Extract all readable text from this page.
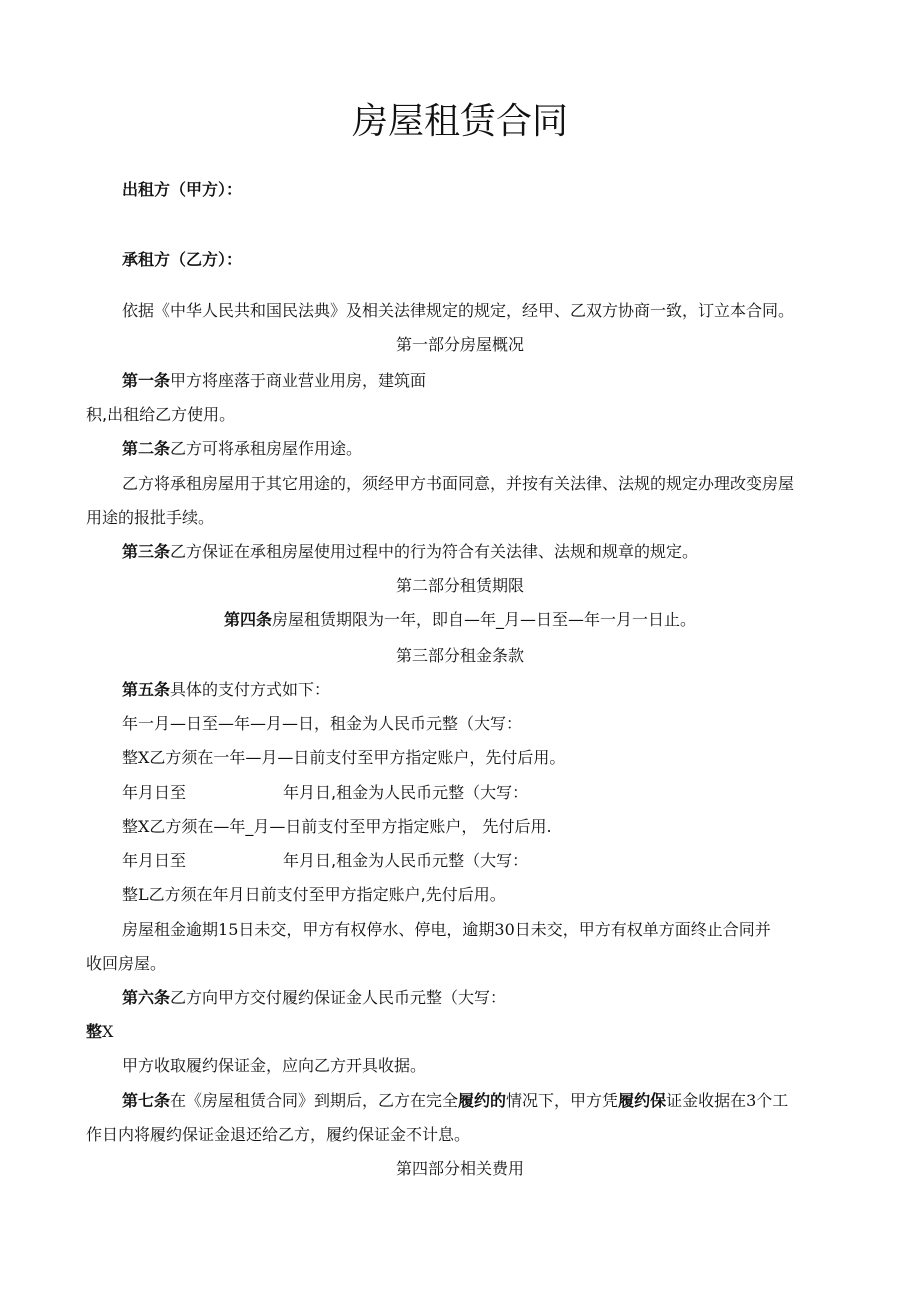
房屋租赁合同
出租方（甲方）：
承租方（乙方）：
依据《中华人民共和国民法典》及相关法律规定的规定，经甲、乙双方协商一致，订立本合同。
第一部分房屋概况
第一条甲方将座落于商业营业用房，建筑面
积,出租给乙方使用。
第二条乙方可将承租房屋作用途。
乙方将承租房屋用于其它用途的，须经甲方书面同意，并按有关法律、法规的规定办理改变房屋
用途的报批手续。
第三条乙方保证在承租房屋使用过程中的行为符合有关法律、法规和规章的规定。
第二部分租赁期限
第四条房屋租赁期限为一年，即自—年_月—日至—年一月一日止。
第三部分租金条款
第五条具体的支付方式如下：
年一月—日至—年—月—日，租金为人民币元整（大写：
整X乙方须在一年—月—日前支付至甲方指定账户，先付后用。
年月日至	年月日,租金为人民币元整（大写：
整X乙方须在—年_月—日前支付至甲方指定账户， 先付后用.
年月日至	年月日,租金为人民币元整（大写：
整L乙方须在年月日前支付至甲方指定账户,先付后用。
房屋租金逾期15日未交，甲方有权停水、停电，逾期30日未交，甲方有权单方面终止合同并
收回房屋。
第六条乙方向甲方交付履约保证金人民币元整（大写：
整X
甲方收取履约保证金，应向乙方开具收据。
第七条在《房屋租赁合同》到期后，乙方在完全履约的情况下，甲方凭履约保证金收据在3个工
作日内将履约保证金退还给乙方，履约保证金不计息。
第四部分相关费用
